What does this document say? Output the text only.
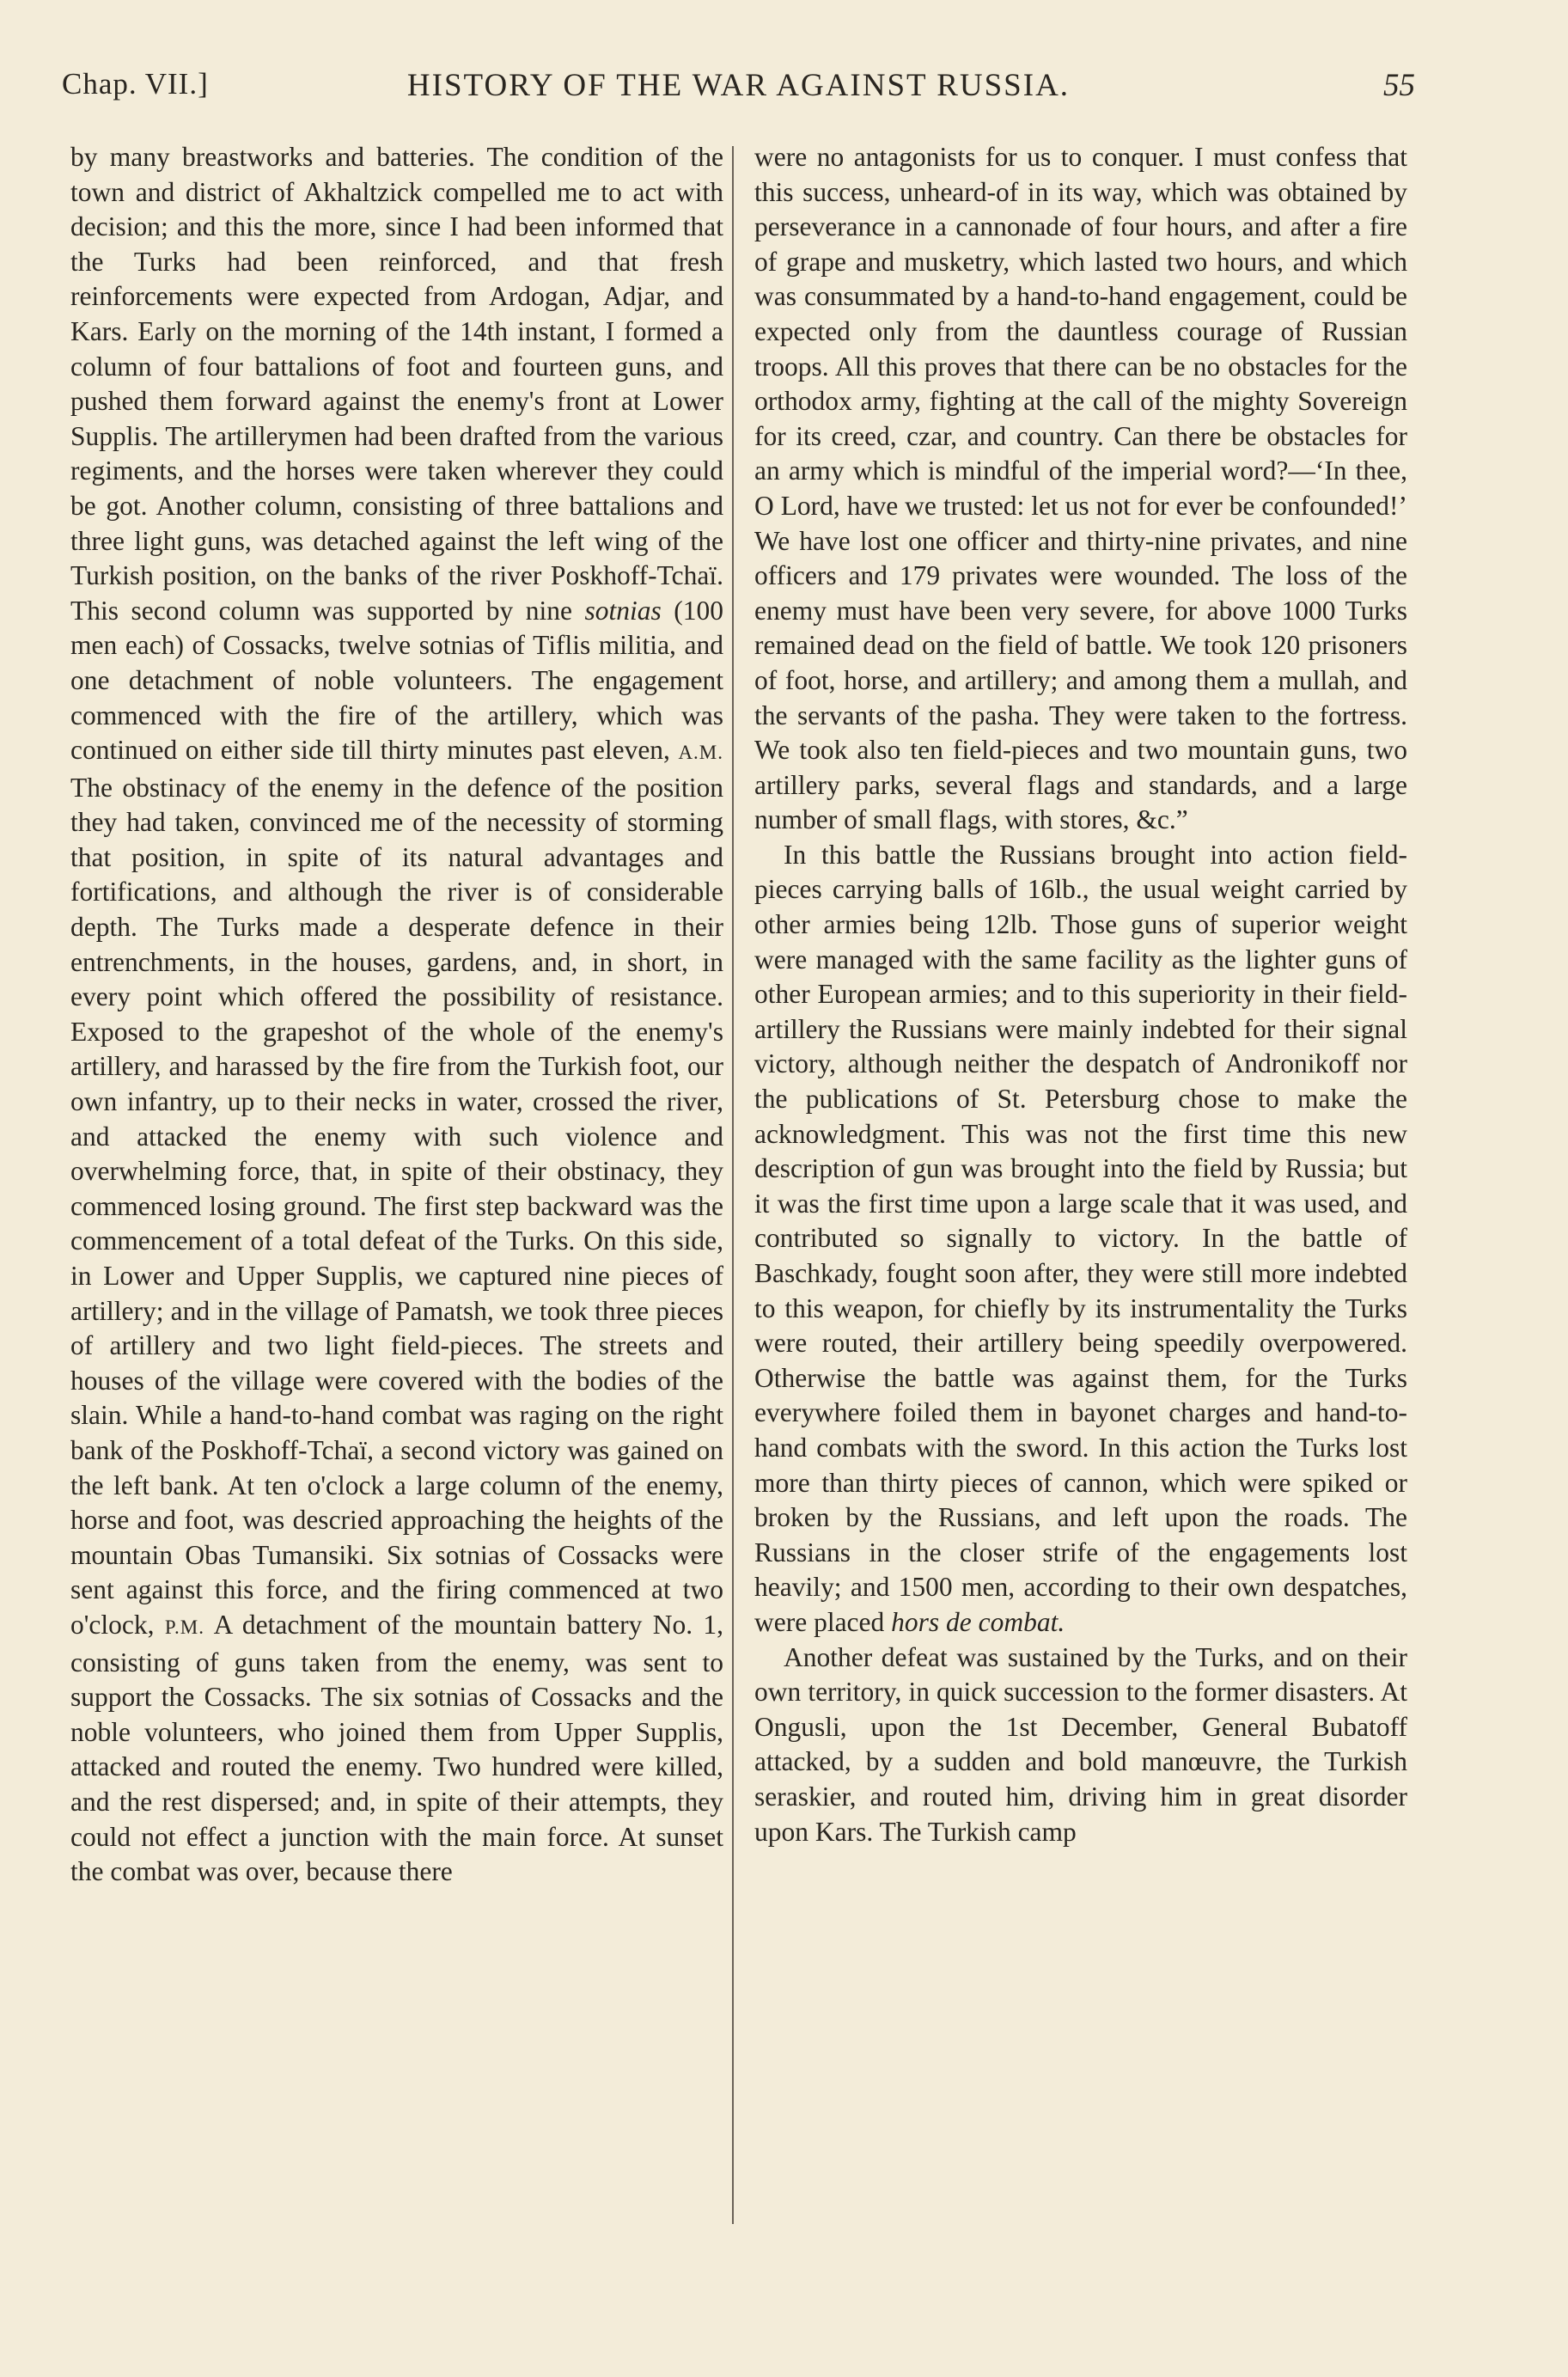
Chap. VII.]	HISTORY OF THE WAR AGAINST RUSSIA.	55

by many breastworks and batteries. The condition of the town and district of Akhaltzick compelled me to act with decision; and this the more, since I had been informed that the Turks had been reinforced, and that fresh reinforcements were expected from Ardogan, Adjar, and Kars. Early on the morning of the 14th instant, I formed a column of four battalions of foot and fourteen guns, and pushed them forward against the enemy's front at Lower Supplis. The artillerymen had been drafted from the various regiments, and the horses were taken wherever they could be got. Another column, consisting of three battalions and three light guns, was detached against the left wing of the Turkish position, on the banks of the river Poskhoff-Tchaï. This second column was supported by nine sotnias (100 men each) of Cossacks, twelve sotnias of Tiflis militia, and one detachment of noble volunteers. The engagement commenced with the fire of the artillery, which was continued on either side till thirty minutes past eleven, A.M. The obstinacy of the enemy in the defence of the position they had taken, convinced me of the necessity of storming that position, in spite of its natural advantages and fortifications, and although the river is of considerable depth. The Turks made a desperate defence in their entrenchments, in the houses, gardens, and, in short, in every point which offered the possibility of resistance. Exposed to the grapeshot of the whole of the enemy's artillery, and harassed by the fire from the Turkish foot, our own infantry, up to their necks in water, crossed the river, and attacked the enemy with such violence and overwhelming force, that, in spite of their obstinacy, they commenced losing ground. The first step backward was the commencement of a total defeat of the Turks. On this side, in Lower and Upper Supplis, we captured nine pieces of artillery; and in the village of Pamatsh, we took three pieces of artillery and two light field-pieces. The streets and houses of the village were covered with the bodies of the slain. While a hand-to-hand combat was raging on the right bank of the Poskhoff-Tchaï, a second victory was gained on the left bank. At ten o'clock a large column of the enemy, horse and foot, was descried approaching the heights of the mountain Obas Tumansiki. Six sotnias of Cossacks were sent against this force, and the firing commenced at two o'clock, P.M. A detachment of the mountain battery No. 1, consisting of guns taken from the enemy, was sent to support the Cossacks. The six sotnias of Cossacks and the noble volunteers, who joined them from Upper Supplis, attacked and routed the enemy. Two hundred were killed, and the rest dispersed; and, in spite of their attempts, they could not effect a junction with the main force. At sunset the combat was over, because there

were no antagonists for us to conquer. I must confess that this success, unheard-of in its way, which was obtained by perseverance in a cannonade of four hours, and after a fire of grape and musketry, which lasted two hours, and which was consummated by a hand-to-hand engagement, could be expected only from the dauntless courage of Russian troops. All this proves that there can be no obstacles for the orthodox army, fighting at the call of the mighty Sovereign for its creed, czar, and country. Can there be obstacles for an army which is mindful of the imperial word?—‘In thee, O Lord, have we trusted: let us not for ever be confounded!’ We have lost one officer and thirty-nine privates, and nine officers and 179 privates were wounded. The loss of the enemy must have been very severe, for above 1000 Turks remained dead on the field of battle. We took 120 prisoners of foot, horse, and artillery; and among them a mullah, and the servants of the pasha. They were taken to the fortress. We took also ten field-pieces and two mountain guns, two artillery parks, several flags and standards, and a large number of small flags, with stores, &c.”

In this battle the Russians brought into action field-pieces carrying balls of 16lb., the usual weight carried by other armies being 12lb. Those guns of superior weight were managed with the same facility as the lighter guns of other European armies; and to this superiority in their field-artillery the Russians were mainly indebted for their signal victory, although neither the despatch of Andronikoff nor the publications of St. Petersburg chose to make the acknowledgment. This was not the first time this new description of gun was brought into the field by Russia; but it was the first time upon a large scale that it was used, and contributed so signally to victory. In the battle of Baschkady, fought soon after, they were still more indebted to this weapon, for chiefly by its instrumentality the Turks were routed, their artillery being speedily overpowered. Otherwise the battle was against them, for the Turks everywhere foiled them in bayonet charges and hand-to-hand combats with the sword. In this action the Turks lost more than thirty pieces of cannon, which were spiked or broken by the Russians, and left upon the roads. The Russians in the closer strife of the engagements lost heavily; and 1500 men, according to their own despatches, were placed hors de combat.

Another defeat was sustained by the Turks, and on their own territory, in quick succession to the former disasters. At Ongusli, upon the 1st December, General Bubatoff attacked, by a sudden and bold manœuvre, the Turkish seraskier, and routed him, driving him in great disorder upon Kars. The Turkish camp
